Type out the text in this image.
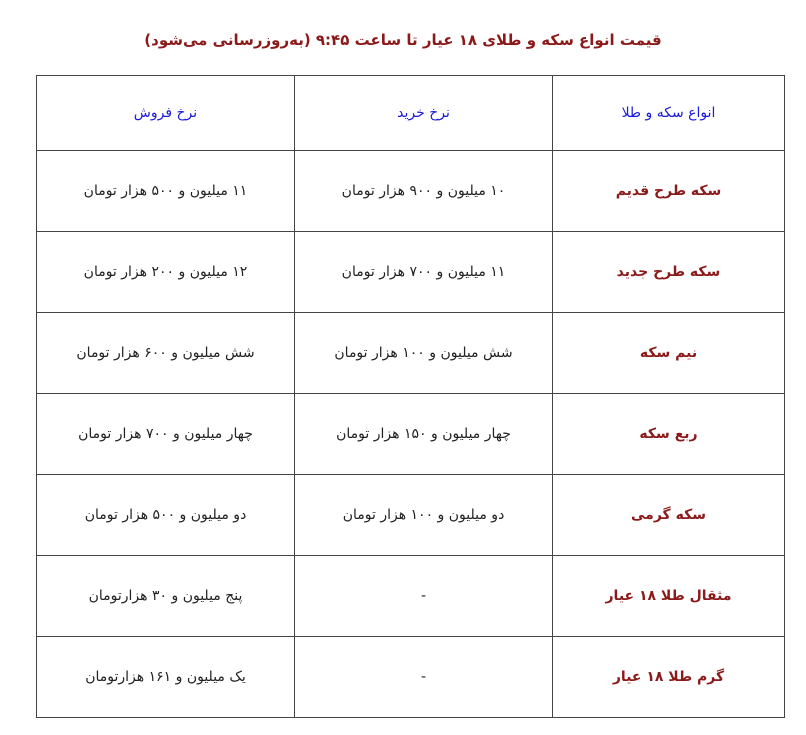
قیمت انواع سکه و طلای ۱۸ عیار تا ساعت ۹:۴۵ (به‌روزرسانی می‌شود)
انواع سکه و طلا	نرخ خرید	نرخ فروش
سکه طرح قدیم	۱۰ میلیون و ۹۰۰ هزار تومان	۱۱ میلیون و ۵۰۰ هزار تومان
سکه طرح جدید	۱۱ میلیون و ۷۰۰ هزار تومان	۱۲ میلیون و ۲۰۰ هزار تومان
نیم سکه	شش میلیون و ۱۰۰ هزار تومان	شش میلیون و ۶۰۰ هزار تومان
ربع سکه	چهار میلیون و ۱۵۰ هزار تومان	چهار میلیون و ۷۰۰ هزار تومان
سکه گرمی	دو میلیون و ۱۰۰ هزار تومان	دو میلیون و ۵۰۰ هزار تومان
مثقال طلا ۱۸ عیار	-	پنج میلیون و ۳۰ هزارتومان
گرم طلا ۱۸ عیار	-	یک میلیون و ۱۶۱ هزارتومان
